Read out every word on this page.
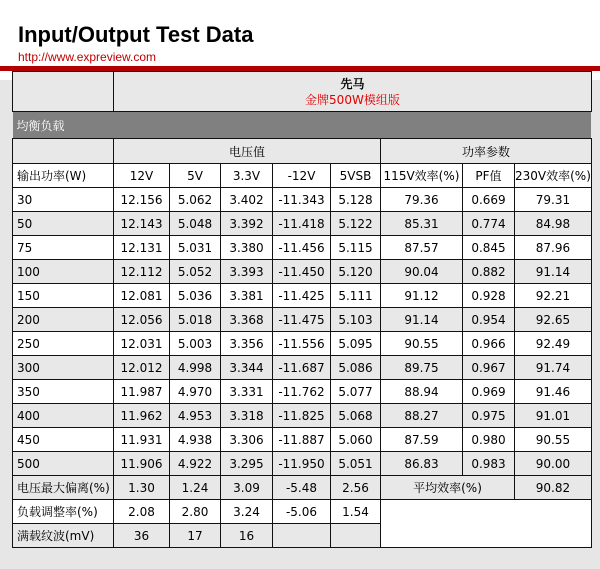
Input/Output Test Data
http://www.expreview.com

	先马
金牌500W模组版							

均衡负载								
	电压值					功率参数		
输出功率(W)	12V	5V	3.3V	-12V	5VSB	115V效率(%)	PF值	230V效率(%)
30	12.156	5.062	3.402	-11.343	5.128	79.36	0.669	79.31
50	12.143	5.048	3.392	-11.418	5.122	85.31	0.774	84.98
75	12.131	5.031	3.380	-11.456	5.115	87.57	0.845	87.96
100	12.112	5.052	3.393	-11.450	5.120	90.04	0.882	91.14
150	12.081	5.036	3.381	-11.425	5.111	91.12	0.928	92.21
200	12.056	5.018	3.368	-11.475	5.103	91.14	0.954	92.65
250	12.031	5.003	3.356	-11.556	5.095	90.55	0.966	92.49
300	12.012	4.998	3.344	-11.687	5.086	89.75	0.967	91.74
350	11.987	4.970	3.331	-11.762	5.077	88.94	0.969	91.46
400	11.962	4.953	3.318	-11.825	5.068	88.27	0.975	91.01
450	11.931	4.938	3.306	-11.887	5.060	87.59	0.980	90.55
500	11.906	4.922	3.295	-11.950	5.051	86.83	0.983	90.00
电压最大偏离(%)	1.30	1.24	3.09	-5.48	2.56	平均效率(%)		90.82
负载调整率(%)	2.08	2.80	3.24	-5.06	1.54			
满载纹波(mV)	36	17	16					
